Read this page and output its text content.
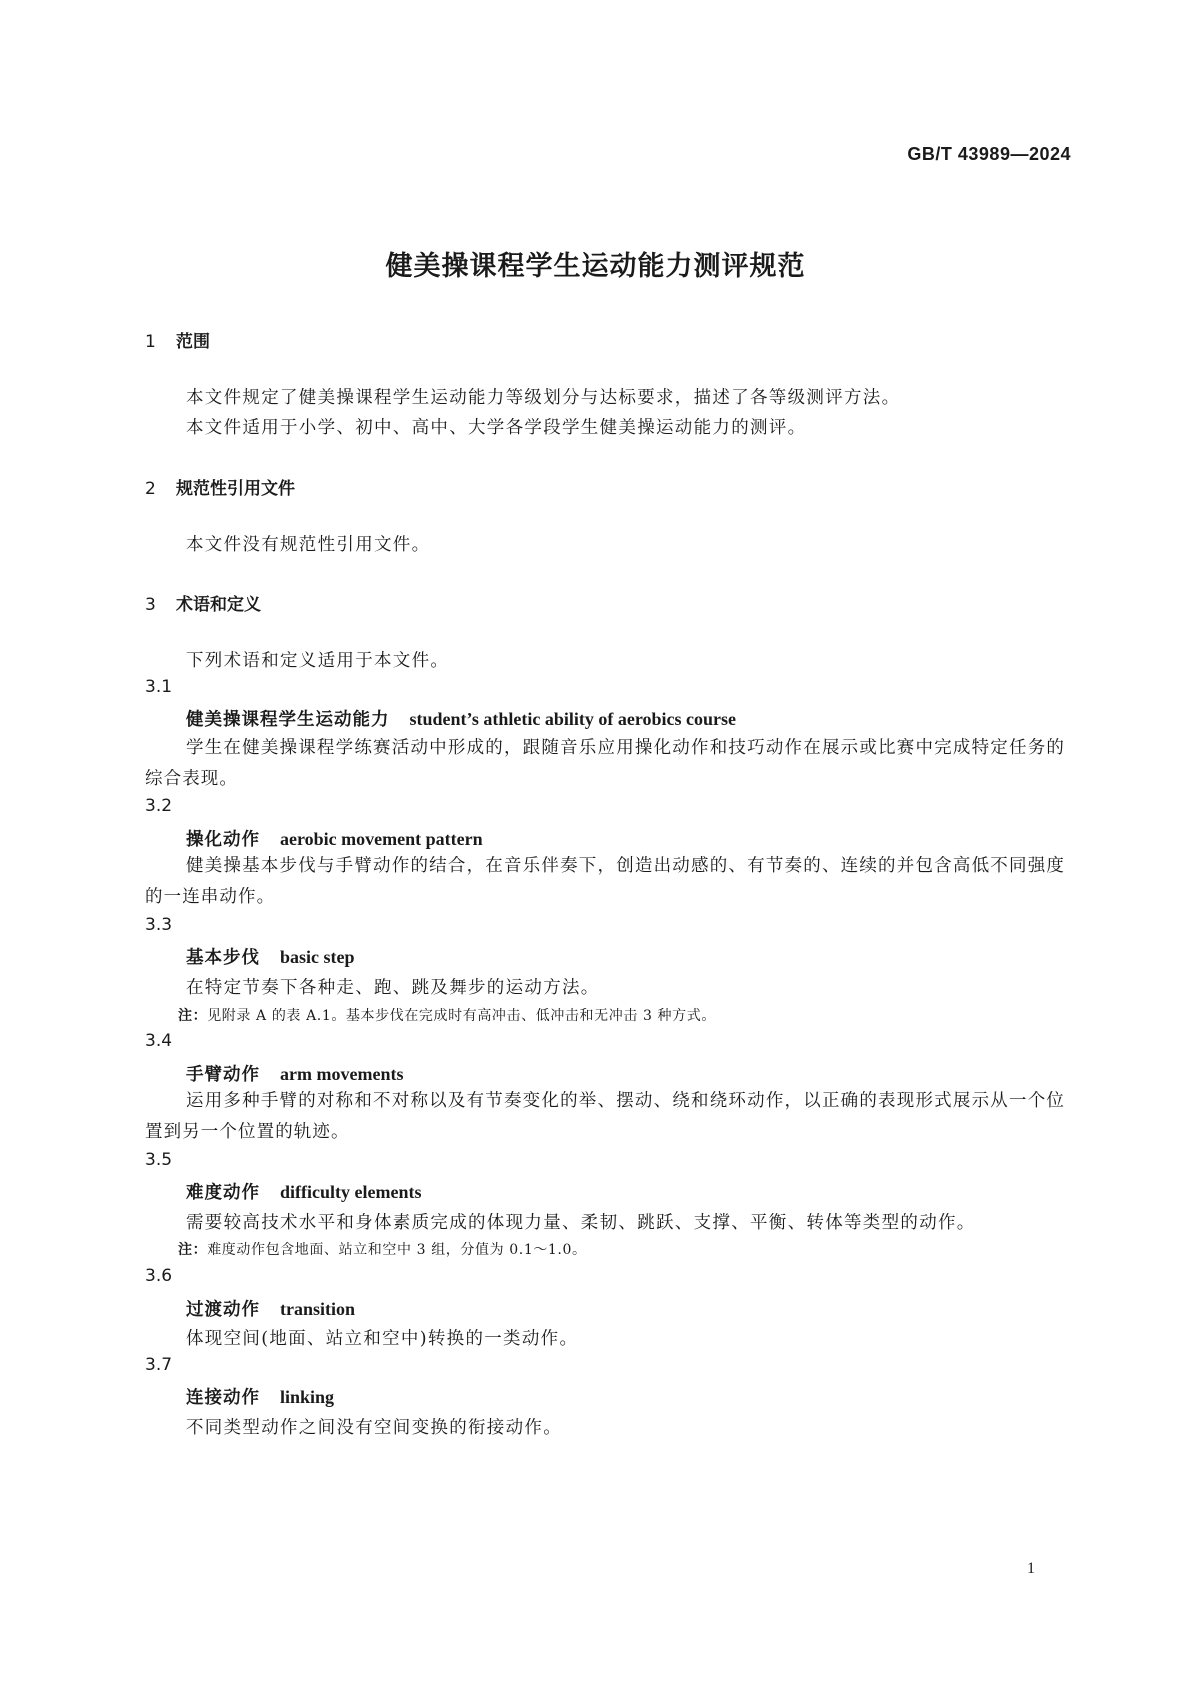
GB/T 43989—2024
健美操课程学生运动能力测评规范
1 范围
本文件规定了健美操课程学生运动能力等级划分与达标要求，描述了各等级测评方法。
本文件适用于小学、初中、高中、大学各学段学生健美操运动能力的测评。
2 规范性引用文件
本文件没有规范性引用文件。
3 术语和定义
下列术语和定义适用于本文件。
3.1
健美操课程学生运动能力 student’s athletic ability of aerobics course
学生在健美操课程学练赛活动中形成的，跟随音乐应用操化动作和技巧动作在展示或比赛中完成特定任务的综合表现。
3.2
操化动作 aerobic movement pattern
健美操基本步伐与手臂动作的结合，在音乐伴奏下，创造出动感的、有节奏的、连续的并包含高低不同强度的一连串动作。
3.3
基本步伐 basic step
在特定节奏下各种走、跑、跳及舞步的运动方法。
注：见附录 A 的表 A.1。基本步伐在完成时有高冲击、低冲击和无冲击 3 种方式。
3.4
手臂动作 arm movements
运用多种手臂的对称和不对称以及有节奏变化的举、摆动、绕和绕环动作，以正确的表现形式展示从一个位置到另一个位置的轨迹。
3.5
难度动作 difficulty elements
需要较高技术水平和身体素质完成的体现力量、柔韧、跳跃、支撑、平衡、转体等类型的动作。
注：难度动作包含地面、站立和空中 3 组，分值为 0.1～1.0。
3.6
过渡动作 transition
体现空间(地面、站立和空中)转换的一类动作。
3.7
连接动作 linking
不同类型动作之间没有空间变换的衔接动作。
1
